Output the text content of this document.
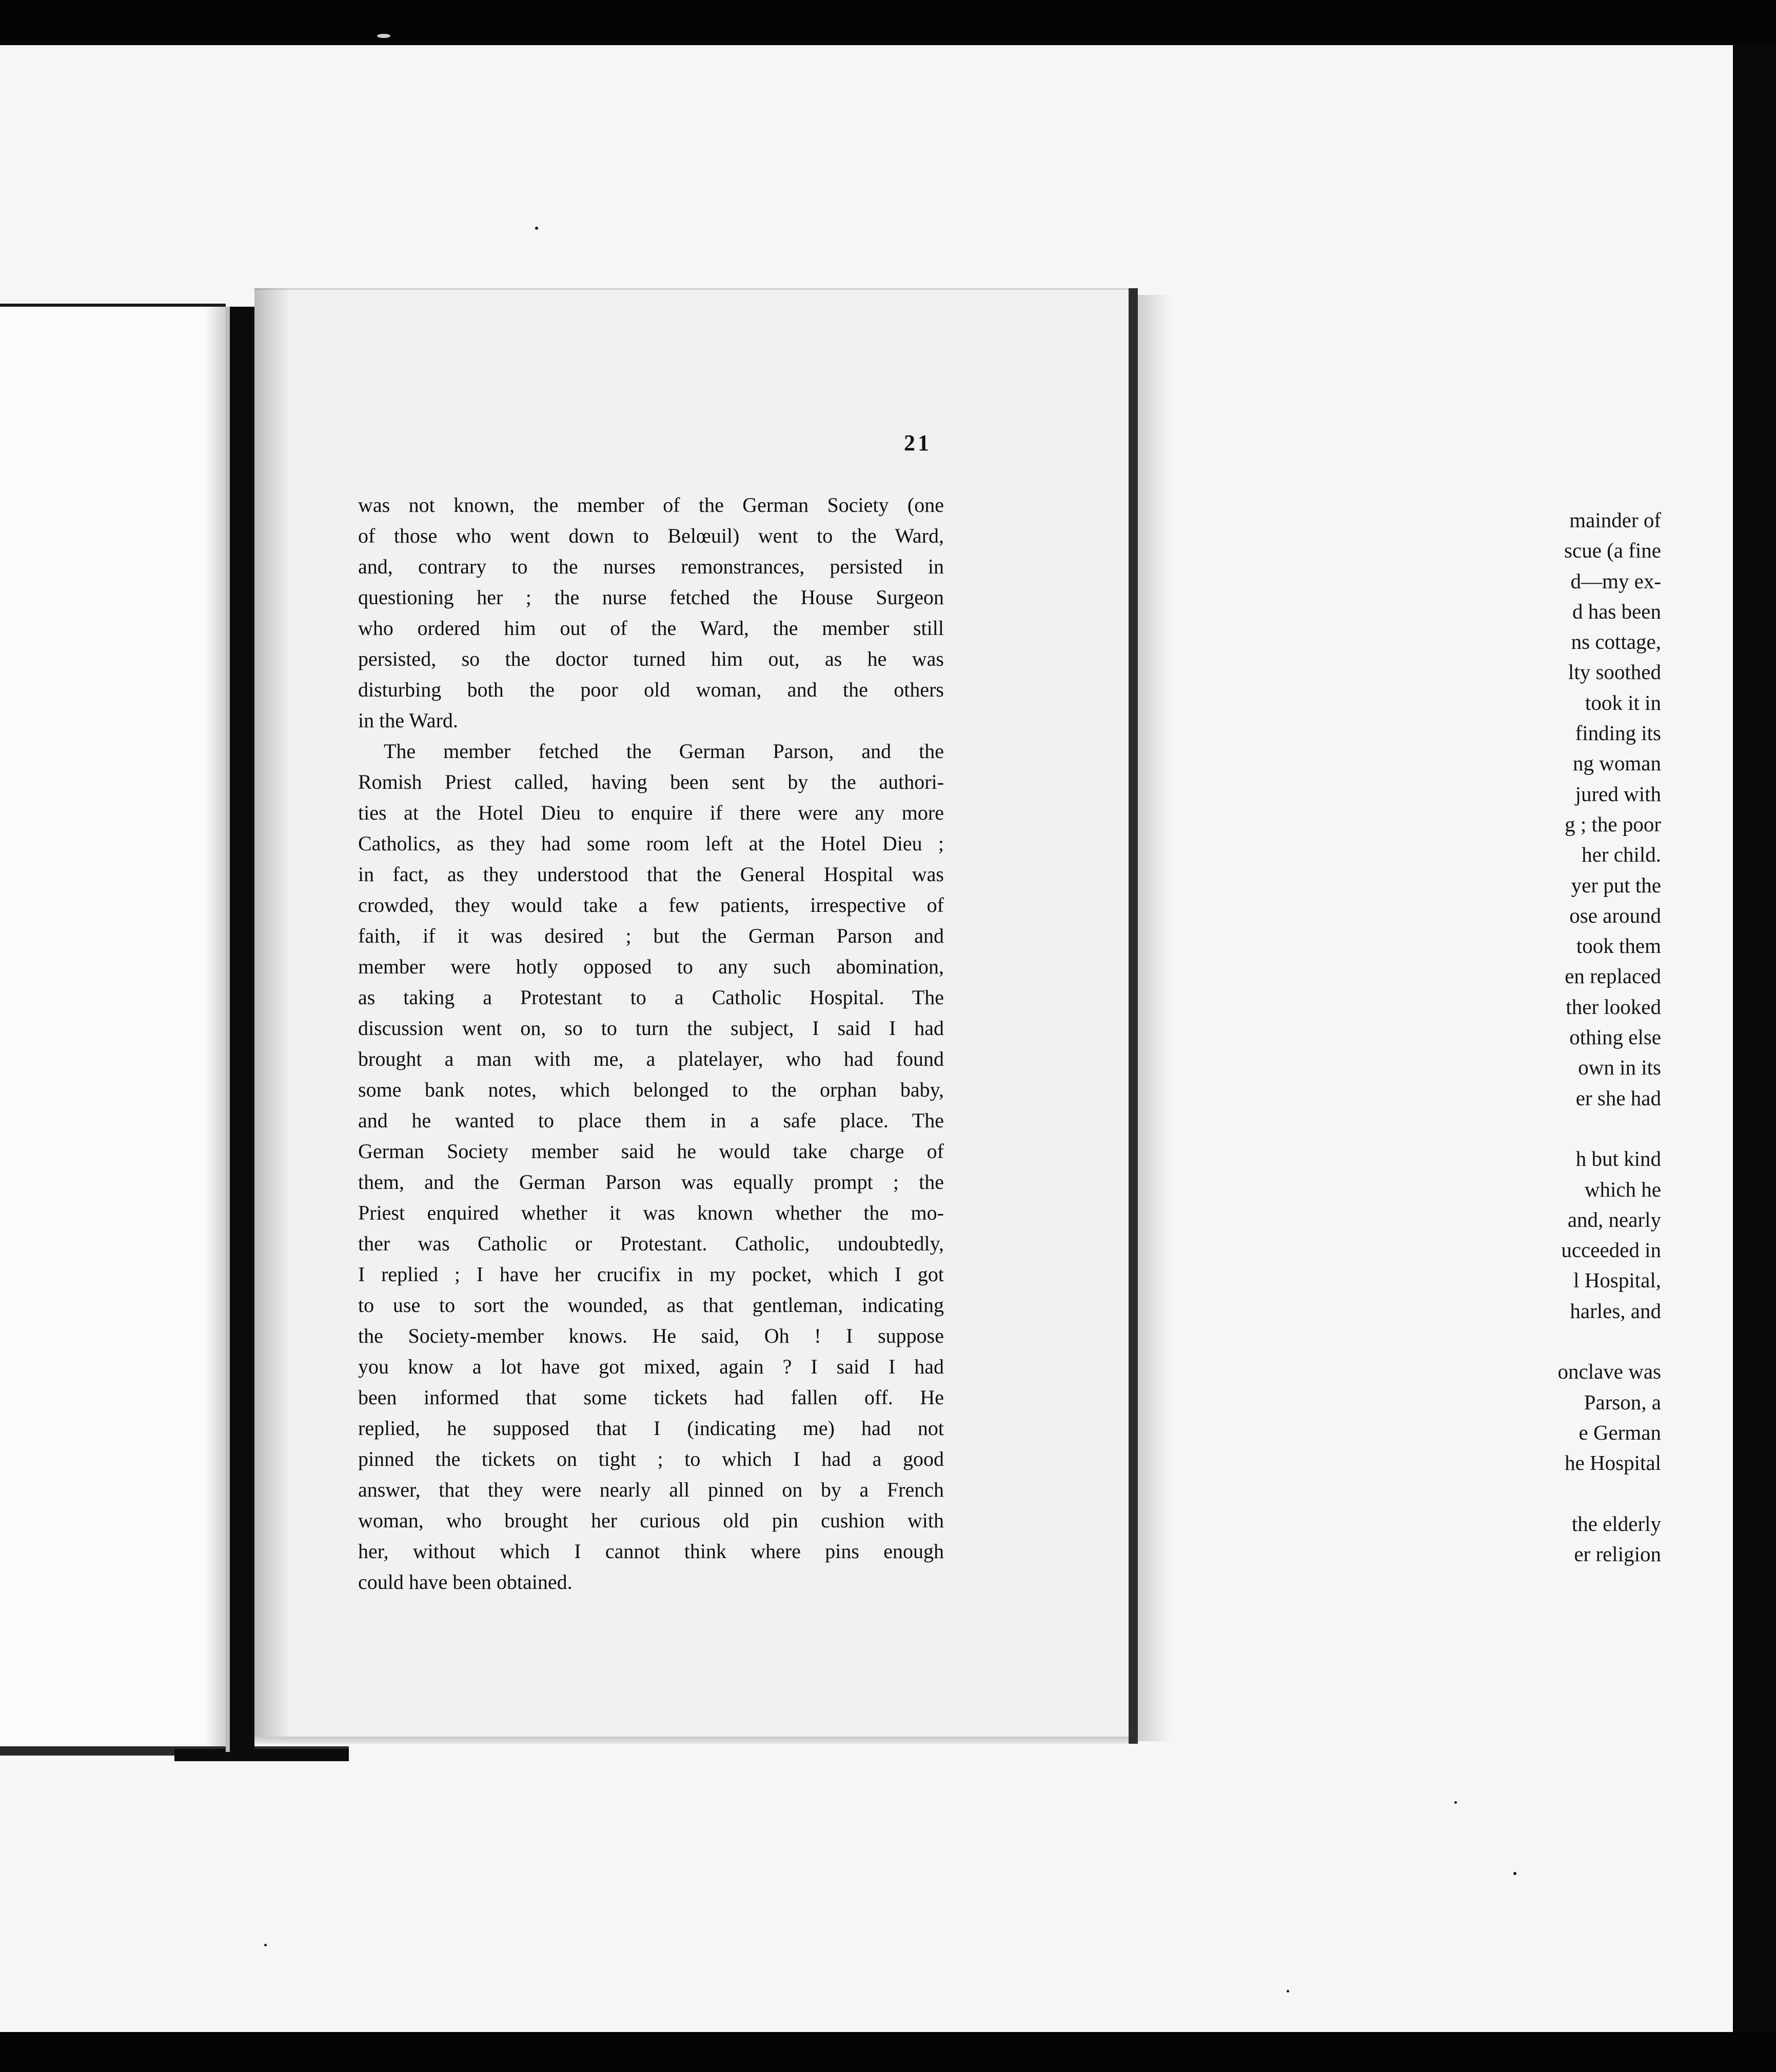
mainder of
scue (a fine
d—my ex-
d has been
ns cottage,
lty soothed
took it in
finding its
ng woman
jured with
g ; the poor
her child.
yer put the
ose around
took them
en replaced
ther looked
othing else
own in its
er she had

h but kind
which he
and, nearly
ucceeded in
l Hospital,
harles, and

onclave was
Parson, a
e German
he Hospital

the elderly
er religion
21

was not known, the member of the German Society (one

of those who went down to Belœuil) went to the Ward,

and, contrary to the nurses remonstrances, persisted in

questioning her ; the nurse fetched the House Surgeon

who ordered him out of the Ward, the member still

persisted, so the doctor turned him out, as he was

disturbing both the poor old woman, and the others

in the Ward.

The member fetched the German Parson, and the

Romish Priest called, having been sent by the authori-

ties at the Hotel Dieu to enquire if there were any more

Catholics, as they had some room left at the Hotel Dieu ;

in fact, as they understood that the General Hospital was

crowded, they would take a few patients, irrespective of

faith, if it was desired ; but the German Parson and

member were hotly opposed to any such abomination,

as taking a Protestant to a Catholic Hospital. The

discussion went on, so to turn the subject, I said I had

brought a man with me, a platelayer, who had found

some bank notes, which belonged to the orphan baby,

and he wanted to place them in a safe place. The

German Society member said he would take charge of

them, and the German Parson was equally prompt ; the

Priest enquired whether it was known whether the mo-

ther was Catholic or Protestant. Catholic, undoubtedly,

I replied ; I have her crucifix in my pocket, which I got

to use to sort the wounded, as that gentleman, indicating

the Society-member knows. He said, Oh ! I suppose

you know a lot have got mixed, again ? I said I had

been informed that some tickets had fallen off. He

replied, he supposed that I (indicating me) had not

pinned the tickets on tight ; to which I had a good

answer, that they were nearly all pinned on by a French

woman, who brought her curious old pin cushion with

her, without which I cannot think where pins enough

could have been obtained.
